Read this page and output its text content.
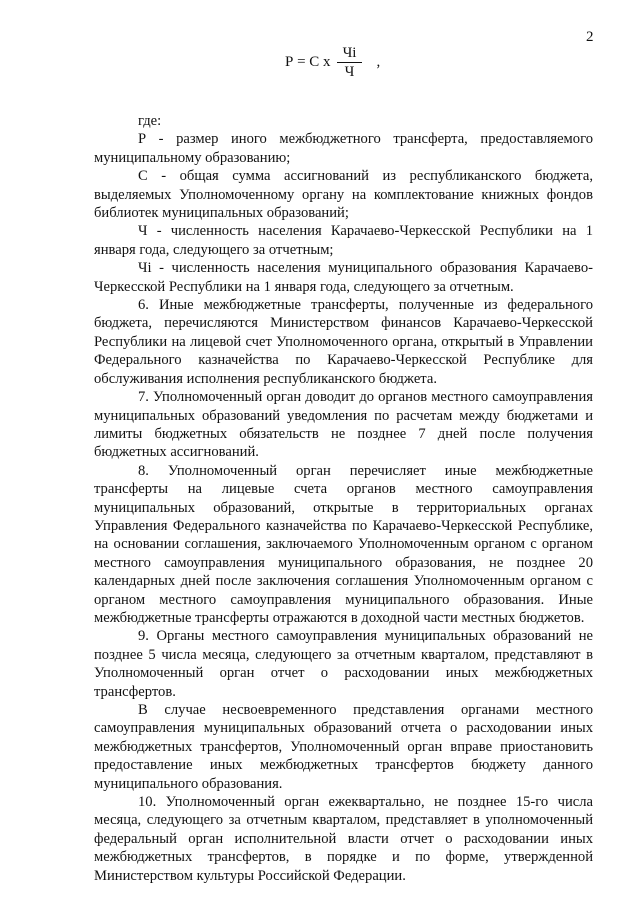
2
Р = С х $\frac{Чi}{Ч}$ ,

где:

Р - размер иного межбюджетного трансферта, предоставляемого муниципальному образованию;

С - общая сумма ассигнований из республиканского бюджета, выделяемых Уполномоченному органу на комплектование книжных фондов библиотек муниципальных образований;

Ч - численность населения Карачаево-Черкесской Республики на 1 января года, следующего за отчетным;

Чi - численность населения муниципального образования Карачаево-Черкесской Республики на 1 января года, следующего за отчетным.

6. Иные межбюджетные трансферты, полученные из федерального бюджета, перечисляются Министерством финансов Карачаево-Черкесской Республики на лицевой счет Уполномоченного органа, открытый в Управлении Федерального казначейства по Карачаево-Черкесской Республике для обслуживания исполнения республиканского бюджета.

7. Уполномоченный орган доводит до органов местного самоуправления муниципальных образований уведомления по расчетам между бюджетами и лимиты бюджетных обязательств не позднее 7 дней после получения бюджетных ассигнований.

8. Уполномоченный орган перечисляет иные межбюджетные трансферты на лицевые счета органов местного самоуправления муниципальных образований, открытые в территориальных органах Управления Федерального казначейства по Карачаево-Черкесской Республике, на основании соглашения, заключаемого Уполномоченным органом с органом местного самоуправления муниципального образования, не позднее 20 календарных дней после заключения соглашения Уполномоченным органом с органом местного самоуправления муниципального образования. Иные межбюджетные трансферты отражаются в доходной части местных бюджетов.

9. Органы местного самоуправления муниципальных образований не позднее 5 числа месяца, следующего за отчетным кварталом, представляют в Уполномоченный орган отчет о расходовании иных межбюджетных трансфертов.

В случае несвоевременного представления органами местного самоуправления муниципальных образований отчета о расходовании иных межбюджетных трансфертов, Уполномоченный орган вправе приостановить предоставление иных межбюджетных трансфертов бюджету данного муниципального образования.

10. Уполномоченный орган ежеквартально, не позднее 15-го числа месяца, следующего за отчетным кварталом, представляет в уполномоченный федеральный орган исполнительной власти отчет о расходовании иных межбюджетных трансфертов, в порядке и по форме, утвержденной Министерством культуры Российской Федерации.
